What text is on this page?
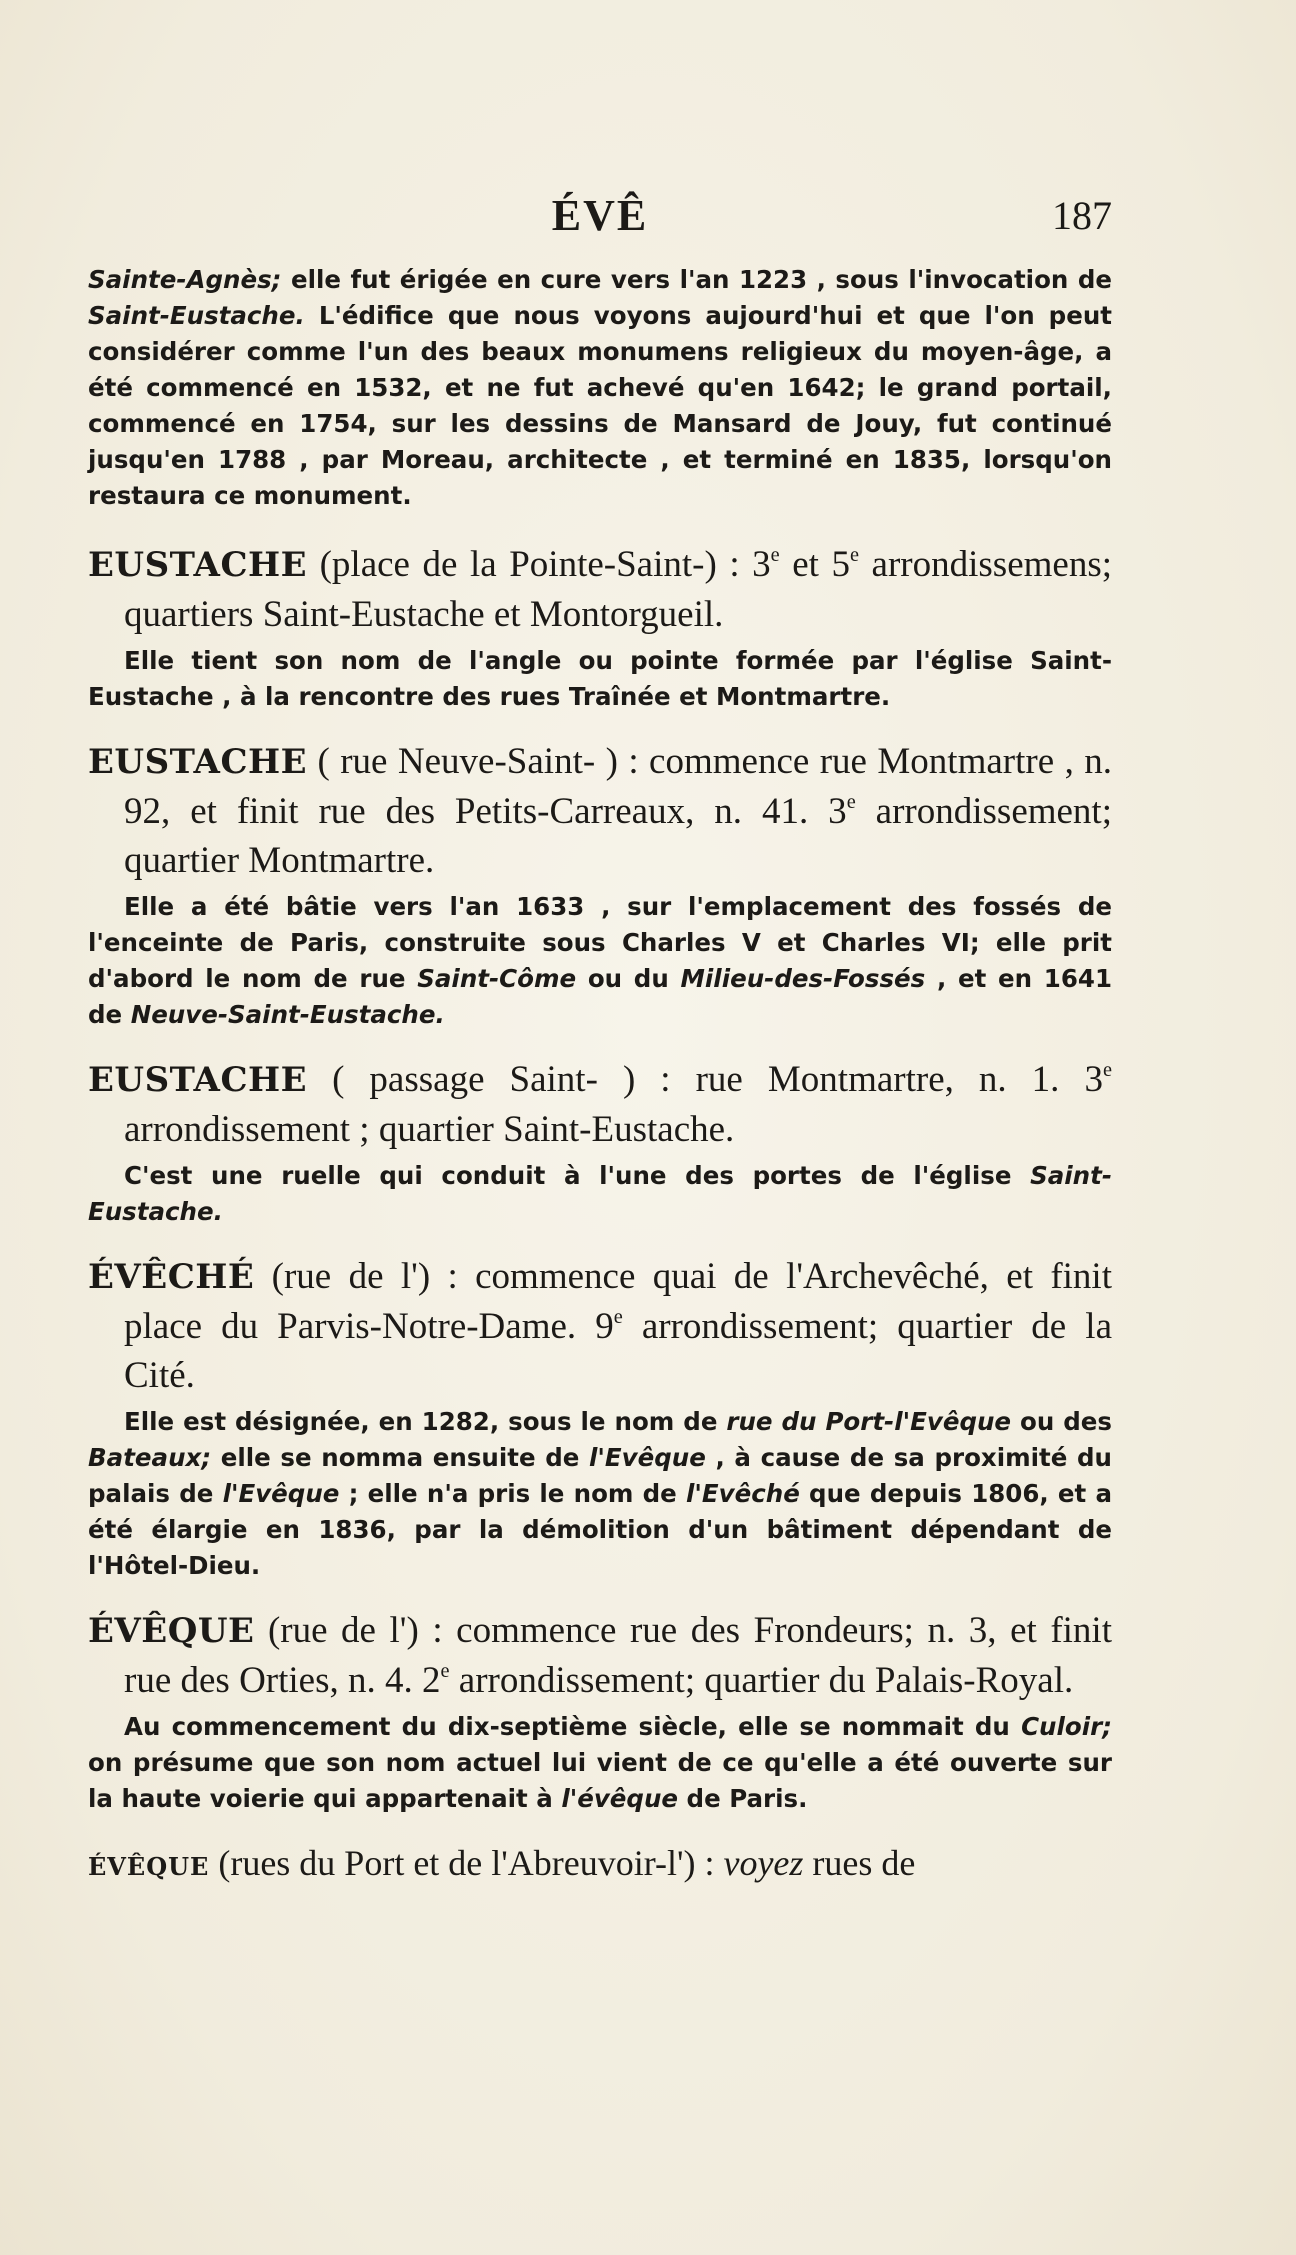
ÉVÊ	187

Sainte-Agnès; elle fut érigée en cure vers l'an 1223 , sous l'invocation de Saint-Eustache. L'édifice que nous voyons aujourd'hui et que l'on peut considérer comme l'un des beaux monumens religieux du moyen-âge, a été commencé en 1532, et ne fut achevé qu'en 1642; le grand portail, commencé en 1754, sur les dessins de Mansard de Jouy, fut continué jusqu'en 1788 , par Moreau, architecte , et terminé en 1835, lorsqu'on restaura ce monument.

EUSTACHE (place de la Pointe-Saint-) : 3e et 5e arrondissemens; quartiers Saint-Eustache et Montorgueil.

Elle tient son nom de l'angle ou pointe formée par l'église Saint-Eustache , à la rencontre des rues Traînée et Montmartre.

EUSTACHE ( rue Neuve-Saint- ) : commence rue Montmartre , n. 92, et finit rue des Petits-Carreaux, n. 41. 3e arrondissement; quartier Montmartre.

Elle a été bâtie vers l'an 1633 , sur l'emplacement des fossés de l'enceinte de Paris, construite sous Charles V et Charles VI; elle prit d'abord le nom de rue Saint-Côme ou du Milieu-des-Fossés , et en 1641 de Neuve-Saint-Eustache.

EUSTACHE ( passage Saint- ) : rue Montmartre, n. 1. 3e arrondissement ; quartier Saint-Eustache.

C'est une ruelle qui conduit à l'une des portes de l'église Saint-Eustache.

ÉVÊCHÉ (rue de l') : commence quai de l'Archevêché, et finit place du Parvis-Notre-Dame. 9e arrondissement; quartier de la Cité.

Elle est désignée, en 1282, sous le nom de rue du Port-l'Evêque ou des Bateaux; elle se nomma ensuite de l'Evêque , à cause de sa proximité du palais de l'Evêque ; elle n'a pris le nom de l'Evêché que depuis 1806, et a été élargie en 1836, par la démolition d'un bâtiment dépendant de l'Hôtel-Dieu.

ÉVÊQUE (rue de l') : commence rue des Frondeurs; n. 3, et finit rue des Orties, n. 4. 2e arrondissement; quartier du Palais-Royal.

Au commencement du dix-septième siècle, elle se nommait du Culoir; on présume que son nom actuel lui vient de ce qu'elle a été ouverte sur la haute voierie qui appartenait à l'évêque de Paris.

ÉVÊQUE (rues du Port et de l'Abreuvoir-l') : voyez rues de
